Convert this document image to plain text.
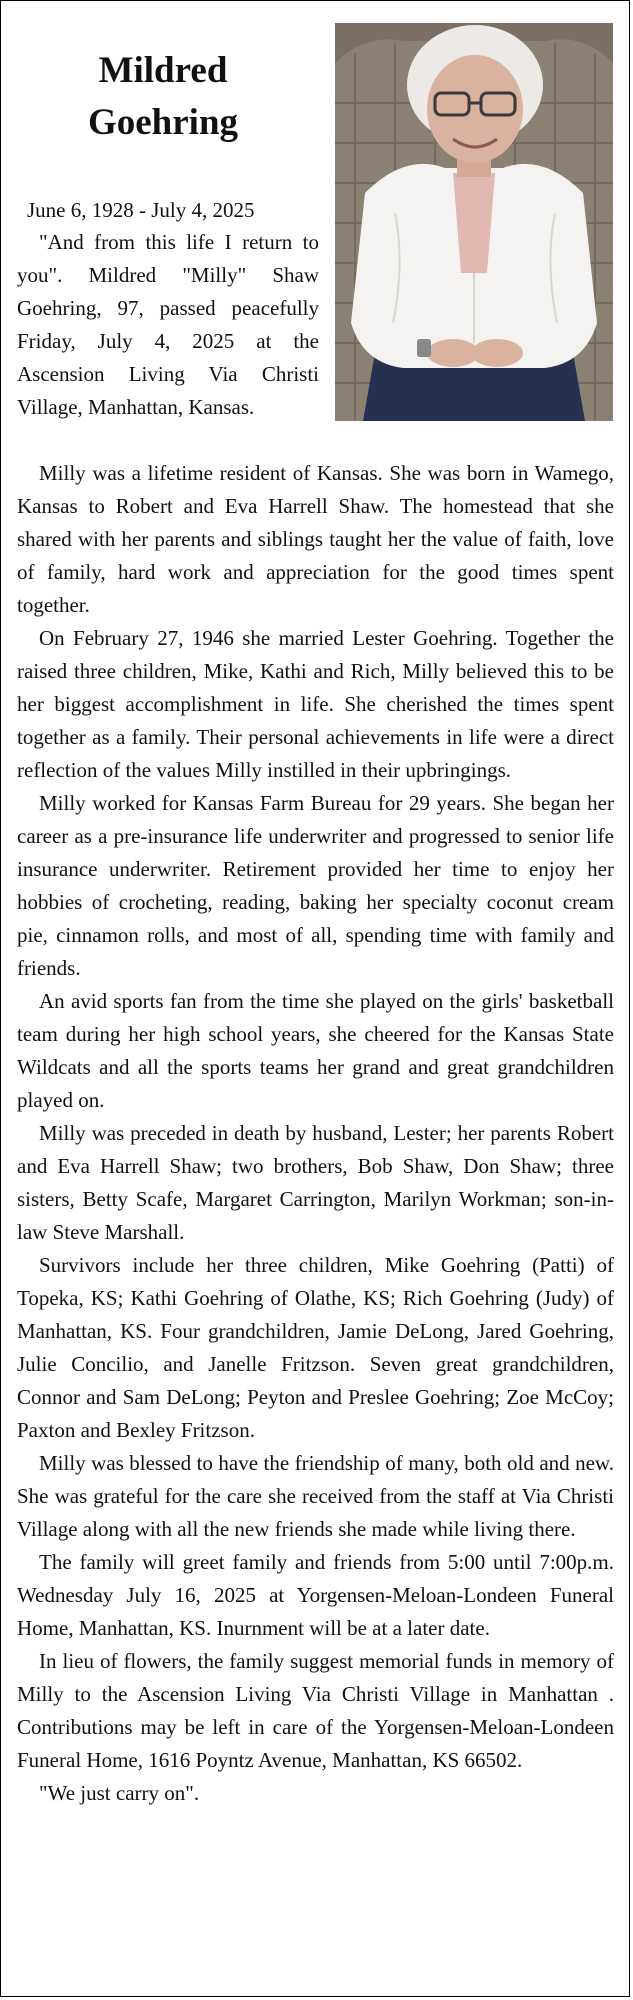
Mildred
Goehring

June 6, 1928 - July 4, 2025

"And from this life I return to you". Mildred "Milly" Shaw Goehring, 97, passed peacefully Friday, July 4, 2025 at the Ascension Living Via Christi Village, Manhattan, Kansas.

Milly was a lifetime resident of Kansas. She was born in Wamego, Kansas to Robert and Eva Harrell Shaw. The homestead that she shared with her parents and siblings taught her the value of faith, love of family, hard work and appreciation for the good times spent together.

On February 27, 1946 she married Lester Goehring. Together the raised three children, Mike, Kathi and Rich, Milly believed this to be her biggest accomplishment in life. She cherished the times spent together as a family. Their personal achievements in life were a direct reflection of the values Milly instilled in their upbringings.

Milly worked for Kansas Farm Bureau for 29 years. She began her career as a pre-insurance life underwriter and progressed to senior life insurance underwriter. Retirement provided her time to enjoy her hobbies of crocheting, reading, baking her specialty coconut cream pie, cinnamon rolls, and most of all, spending time with family and friends.

An avid sports fan from the time she played on the girls' basketball team during her high school years, she cheered for the Kansas State Wildcats and all the sports teams her grand and great grandchildren played on.

Milly was preceded in death by husband, Lester; her parents Robert and Eva Harrell Shaw; two brothers, Bob Shaw, Don Shaw; three sisters, Betty Scafe, Margaret Carrington, Marilyn Workman; son-in-law Steve Marshall.

Survivors include her three children, Mike Goehring (Patti) of Topeka, KS; Kathi Goehring of Olathe, KS; Rich Goehring (Judy) of Manhattan, KS. Four grandchildren, Jamie DeLong, Jared Goehring, Julie Concilio, and Janelle Fritzson. Seven great grandchildren, Connor and Sam DeLong; Peyton and Preslee Goehring; Zoe McCoy; Paxton and Bexley Fritzson.

Milly was blessed to have the friendship of many, both old and new. She was grateful for the care she received from the staff at Via Christi Village along with all the new friends she made while living there.

The family will greet family and friends from 5:00 until 7:00p.m. Wednesday July 16, 2025 at Yorgensen-Meloan-Londeen Funeral Home, Manhattan, KS. Inurnment will be at a later date.

In lieu of flowers, the family suggest memorial funds in memory of Milly to the Ascension Living Via Christi Village in Manhattan . Contributions may be left in care of the Yorgensen-Meloan-Londeen Funeral Home, 1616 Poyntz Avenue, Manhattan, KS 66502.

"We just carry on".
